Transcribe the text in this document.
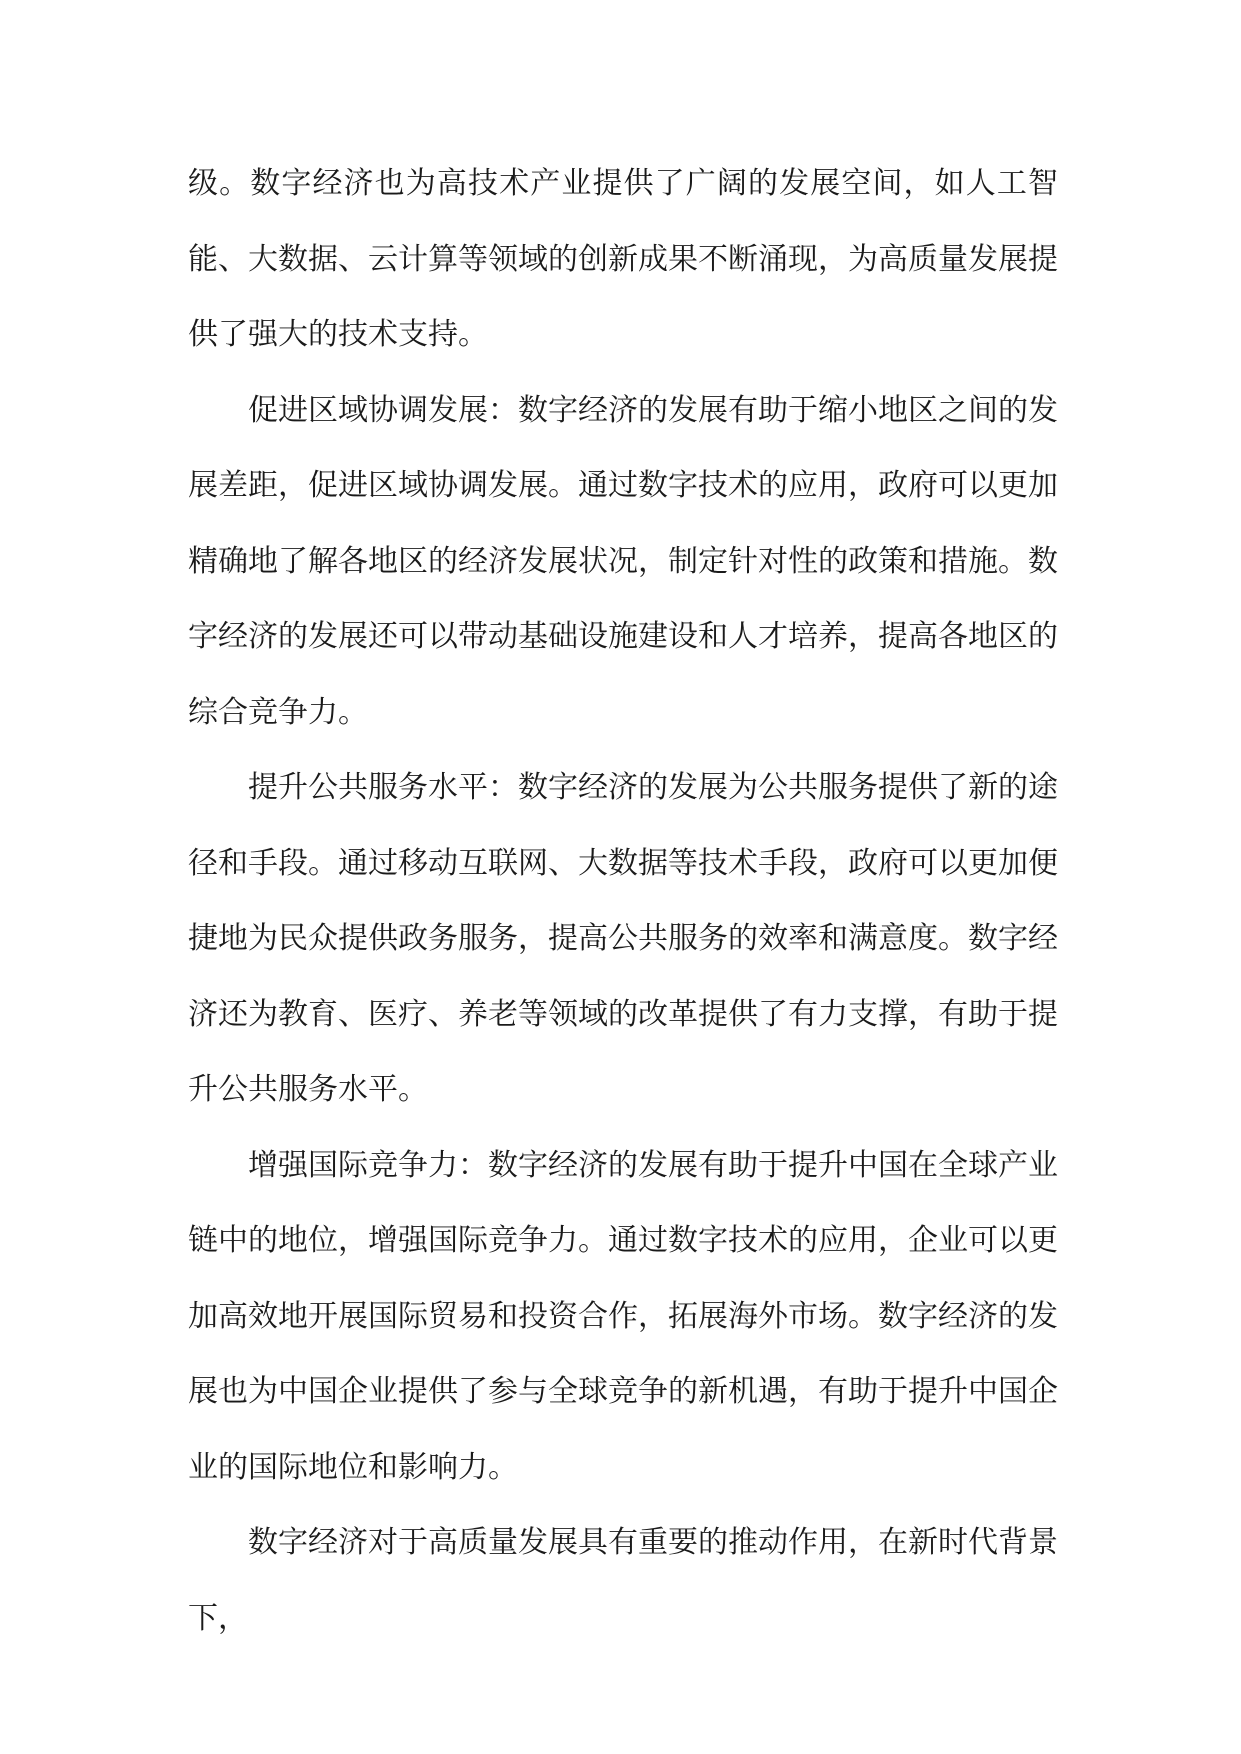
级。数字经济也为高技术产业提供了广阔的发展空间，如人工智能、大数据、云计算等领域的创新成果不断涌现，为高质量发展提供了强大的技术支持。

促进区域协调发展：数字经济的发展有助于缩小地区之间的发展差距，促进区域协调发展。通过数字技术的应用，政府可以更加精确地了解各地区的经济发展状况，制定针对性的政策和措施。数字经济的发展还可以带动基础设施建设和人才培养，提高各地区的综合竞争力。

提升公共服务水平：数字经济的发展为公共服务提供了新的途径和手段。通过移动互联网、大数据等技术手段，政府可以更加便捷地为民众提供政务服务，提高公共服务的效率和满意度。数字经济还为教育、医疗、养老等领域的改革提供了有力支撑，有助于提升公共服务水平。

增强国际竞争力：数字经济的发展有助于提升中国在全球产业链中的地位，增强国际竞争力。通过数字技术的应用，企业可以更加高效地开展国际贸易和投资合作，拓展海外市场。数字经济的发展也为中国企业提供了参与全球竞争的新机遇，有助于提升中国企业的国际地位和影响力。

数字经济对于高质量发展具有重要的推动作用，在新时代背景下，
